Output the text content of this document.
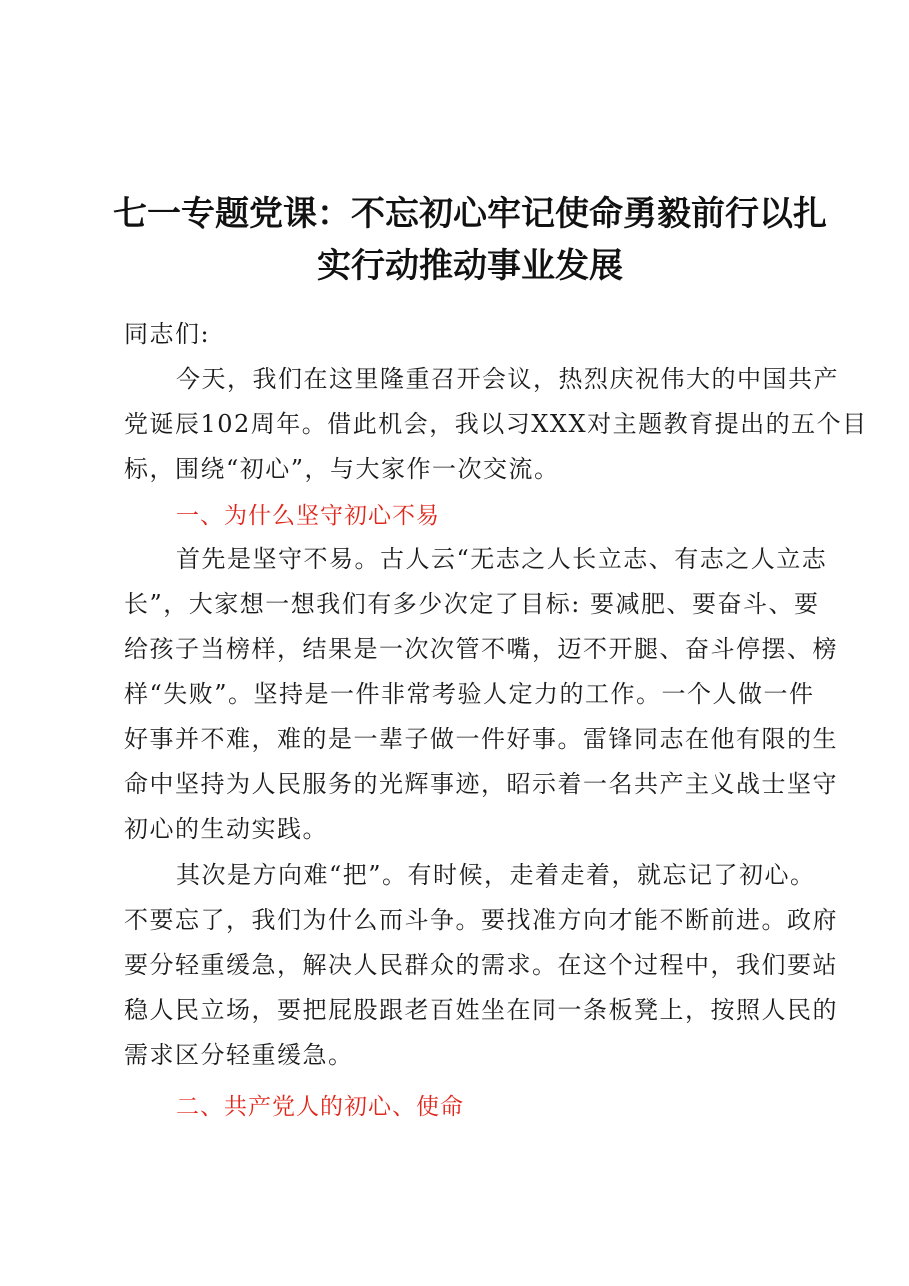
七一专题党课：不忘初心牢记使命勇毅前行以扎
实行动推动事业发展
同志们:
今天，我们在这里隆重召开会议，热烈庆祝伟大的中国共产
党诞辰102周年。借此机会，我以习XXX对主题教育提出的五个目
标，围绕“初心”，与大家作一次交流。
一、为什么坚守初心不易
首先是坚守不易。古人云“无志之人长立志、有志之人立志
长”，大家想一想我们有多少次定了目标: 要减肥、要奋斗、要
给孩子当榜样，结果是一次次管不嘴，迈不开腿、奋斗停摆、榜
样“失败”。坚持是一件非常考验人定力的工作。一个人做一件
好事并不难，难的是一辈子做一件好事。雷锋同志在他有限的生
命中坚持为人民服务的光辉事迹，昭示着一名共产主义战士坚守
初心的生动实践。
其次是方向难“把”。有时候，走着走着，就忘记了初心。
不要忘了，我们为什么而斗争。要找准方向才能不断前进。政府
要分轻重缓急，解决人民群众的需求。在这个过程中，我们要站
稳人民立场，要把屁股跟老百姓坐在同一条板凳上，按照人民的
需求区分轻重缓急。
二、共产党人的初心、使命
